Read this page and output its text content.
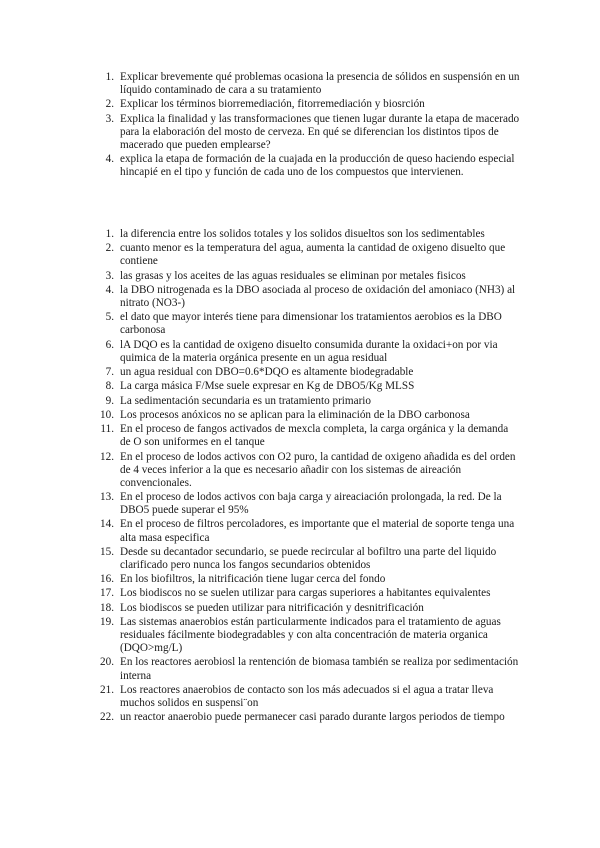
1. Explicar brevemente qué problemas ocasiona la presencia de sólidos en suspensión en un líquido contaminado de cara a su tratamiento
2. Explicar los términos biorremediación, fitorremediación y biosrción
3. Explica la finalidad y las transformaciones que tienen lugar durante la etapa de macerado para la elaboración del mosto de cerveza. En qué se diferencian los distintos tipos de macerado que pueden emplearse?
4. explica la etapa de formación de la cuajada en la producción de queso haciendo especial hincapié en el tipo y función de cada uno de los compuestos que intervienen.
1. la diferencia entre los solidos totales y los solidos disueltos son los sedimentables
2. cuanto menor es la temperatura del agua, aumenta la cantidad de oxigeno disuelto que contiene
3. las grasas y los aceites de las aguas residuales se eliminan por metales fisicos
4. la DBO nitrogenada es la DBO asociada al proceso de oxidación del amoniaco (NH3) al nitrato (NO3-)
5. el dato que mayor interés tiene para dimensionar los tratamientos aerobios es la DBO carbonosa
6. lA DQO es la cantidad de oxigeno disuelto consumida durante la oxidaci+on por via quimica de la materia orgánica presente en un agua residual
7. un agua residual con DBO=0.6*DQO es altamente biodegradable
8. La carga másica F/Mse suele expresar en Kg de DBO5/Kg MLSS
9. La sedimentación secundaria es un tratamiento primario
10. Los procesos anóxicos no se aplican para la eliminación de la DBO carbonosa
11. En el proceso de fangos activados de mexcla completa, la carga orgánica y la demanda de O son uniformes en el tanque
12. En el proceso de lodos activos con O2 puro, la cantidad de oxigeno añadida es del orden de 4 veces inferior a la que es necesario añadir con los sistemas de aireación convencionales.
13. En el proceso de lodos activos con baja carga y aireaciación prolongada, la red. De la DBO5 puede superar el 95%
14. En el proceso de filtros percoladores, es importante que el material de soporte tenga una alta masa especifica
15. Desde su decantador secundario, se puede recircular al bofiltro una parte del liquido clarificado pero nunca los fangos secundarios obtenidos
16. En los biofiltros, la nitrificación tiene lugar cerca del fondo
17. Los biodiscos no se suelen utilizar para cargas superiores a habitantes equivalentes
18. Los biodiscos se pueden utilizar para nitrificación y desnitrificación
19. Las sistemas anaerobios están particularmente indicados para el tratamiento de aguas residuales fácilmente biodegradables y con alta concentración de materia organica (DQO>mg/L)
20. En los reactores aerobiosl la rentención de biomasa también se realiza por sedimentación interna
21. Los reactores anaerobios de contacto son los más adecuados si el agua a tratar lleva muchos solidos en suspensi¨on
22. un reactor anaerobio puede permanecer casi parado durante largos periodos de tiempo
